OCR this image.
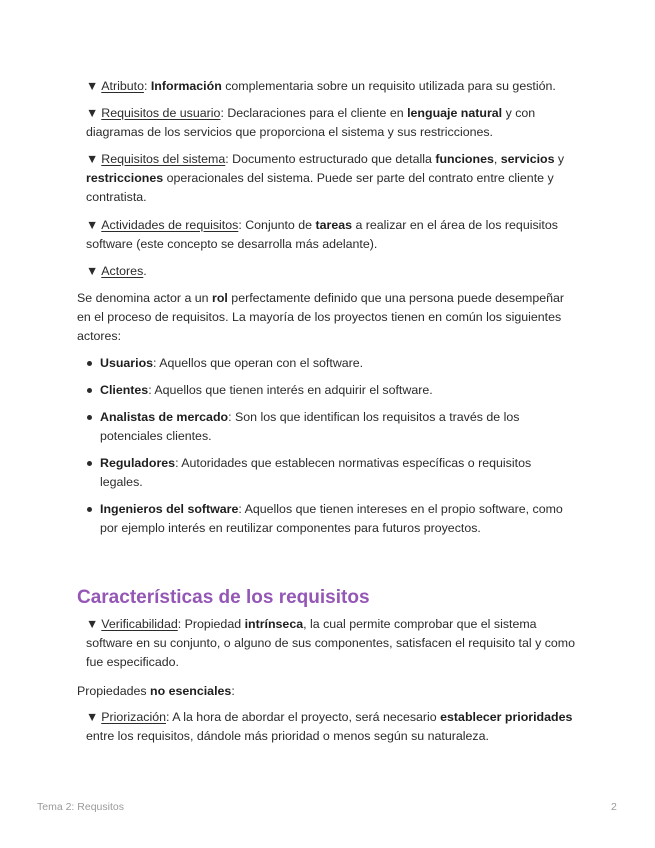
▼ Atributo: Información complementaria sobre un requisito utilizada para su gestión.
▼ Requisitos de usuario: Declaraciones para el cliente en lenguaje natural y con diagramas de los servicios que proporciona el sistema y sus restricciones.
▼ Requisitos del sistema: Documento estructurado que detalla funciones, servicios y restricciones operacionales del sistema. Puede ser parte del contrato entre cliente y contratista.
▼ Actividades de requisitos: Conjunto de tareas a realizar en el área de los requisitos software (este concepto se desarrolla más adelante).
▼ Actores.
Se denomina actor a un rol perfectamente definido que una persona puede desempeñar en el proceso de requisitos. La mayoría de los proyectos tienen en común los siguientes actores:
Usuarios: Aquellos que operan con el software.
Clientes: Aquellos que tienen interés en adquirir el software.
Analistas de mercado: Son los que identifican los requisitos a través de los potenciales clientes.
Reguladores: Autoridades que establecen normativas específicas o requisitos legales.
Ingenieros del software: Aquellos que tienen intereses en el propio software, como por ejemplo interés en reutilizar componentes para futuros proyectos.
Características de los requisitos
▼ Verificabilidad: Propiedad intrínseca, la cual permite comprobar que el sistema software en su conjunto, o alguno de sus componentes, satisfacen el requisito tal y como fue especificado.
Propiedades no esenciales:
▼ Priorización: A la hora de abordar el proyecto, será necesario establecer prioridades entre los requisitos, dándole más prioridad o menos según su naturaleza.
Tema 2: Requsitos	2
